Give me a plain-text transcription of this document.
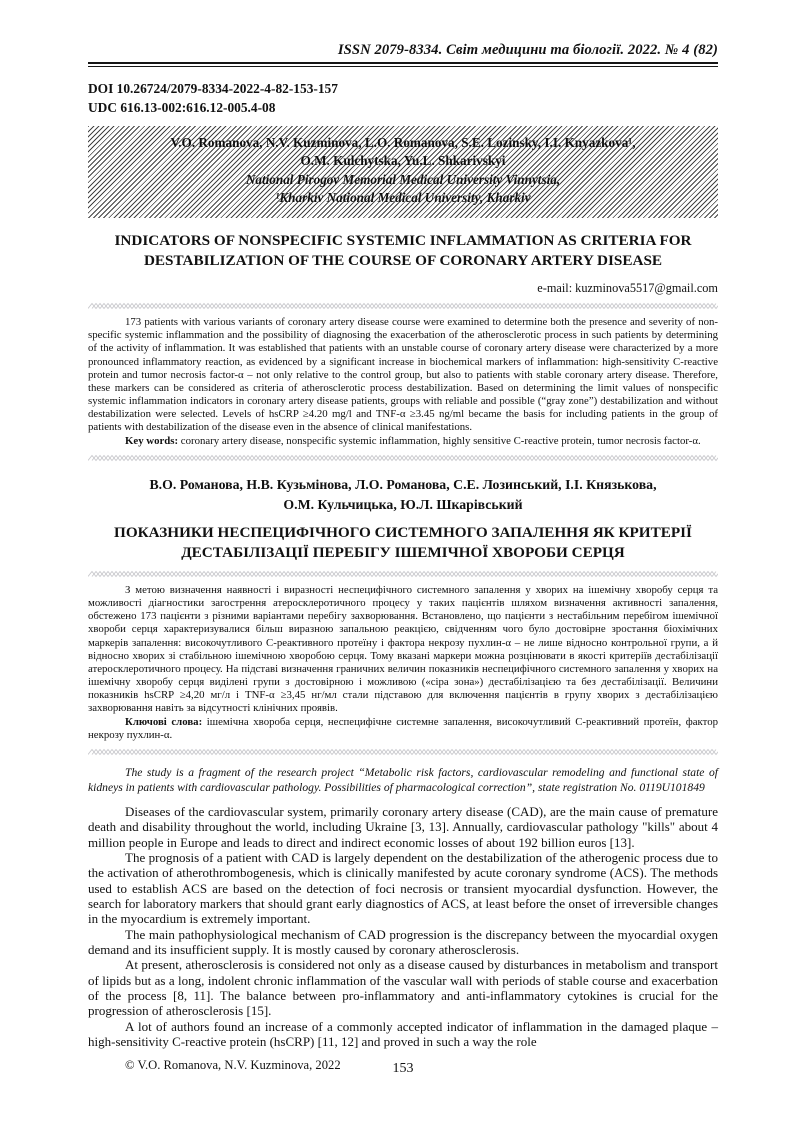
ISSN 2079-8334. Світ медицини та біології. 2022. № 4 (82)
DOI 10.26724/2079-8334-2022-4-82-153-157
UDC 616.13-002:616.12-005.4-08
V.O. Romanova, N.V. Kuzminova, L.O. Romanova, S.E. Lozinsky, I.I. Knyazkova¹,
O.M. Kulchytska, Yu.L. Shkarivskyi
National Pirogov Memorial Medical University Vinnytsia,
¹Kharkiv National Medical University, Kharkiv
INDICATORS OF NONSPECIFIC SYSTEMIC INFLAMMATION AS CRITERIA FOR
DESTABILIZATION OF THE COURSE OF CORONARY ARTERY DISEASE
e-mail: kuzminova5517@gmail.com

173 patients with various variants of coronary artery disease course were examined to determine both the presence and severity of non-specific systemic inflammation and the possibility of diagnosing the exacerbation of the atherosclerotic process in such patients by determining of the activity of inflammation. It was established that patients with an unstable course of coronary artery disease were characterized by a more pronounced inflammatory reaction, as evidenced by a significant increase in biochemical markers of inflammation: high-sensitivity C-reactive protein and tumor necrosis factor-α – not only relative to the control group, but also to patients with stable coronary artery disease. Therefore, these markers can be considered as criteria of atherosclerotic process destabilization. Based on determining the limit values of nonspecific systemic inflammation indicators in coronary artery disease patients, groups with reliable and possible (“gray zone”) destabilization and without destabilization were selected. Levels of hsCRP ≥4.20 mg/l and TNF-α ≥3.45 ng/ml became the basis for including patients in the group of patients with destabilization of the disease even in the absence of clinical manifestations.

Key words: coronary artery disease, nonspecific systemic inflammation, highly sensitive C-reactive protein, tumor necrosis factor-α.

В.О. Романова, Н.В. Кузьмінова, Л.О. Романова, С.Е. Лозинський, І.І. Князькова,
О.М. Кульчицька, Ю.Л. Шкарівський
ПОКАЗНИКИ НЕСПЕЦИФІЧНОГО СИСТЕМНОГО ЗАПАЛЕННЯ ЯК КРИТЕРІЇ
ДЕСТАБІЛІЗАЦІЇ ПЕРЕБІГУ ІШЕМІЧНОЇ ХВОРОБИ СЕРЦЯ

З метою визначення наявності і виразності неспецифічного системного запалення у хворих на ішемічну хворобу серця та можливості діагностики загострення атеросклеротичного процесу у таких пацієнтів шляхом визначення активності запалення, обстежено 173 пацієнти з різними варіантами перебігу захворювання. Встановлено, що пацієнти з нестабільним перебігом ішемічної хвороби серця характеризувалися більш виразною запальною реакцією, свідченням чого було достовірне зростання біохімічних маркерів запалення: високочутливого С-реактивного протеїну і фактора некрозу пухлин-α – не лише відносно контрольної групи, а й відносно хворих зі стабільною ішемічною хворобою серця. Тому вказані маркери можна розцінювати в якості критеріїв дестабілізації атеросклеротичного процесу. На підставі визначення граничних величин показників неспецифічного системного запалення у хворих на ішемічну хворобу серця виділені групи з достовірною і можливою («сіра зона») дестабілізацією та без дестабілізації. Величини показників hsCRP ≥4,20 мг/л і TNF-α ≥3,45 нг/мл стали підставою для включення пацієнтів в групу хворих з дестабілізацією захворювання навіть за відсутності клінічних проявів.

Ключові слова: ішемічна хвороба серця, неспецифічне системне запалення, високочутливий С-реактивний протеїн, фактор некрозу пухлин-α.

The study is a fragment of the research project “Metabolic risk factors, cardiovascular remodeling and functional state of kidneys in patients with cardiovascular pathology. Possibilities of pharmacological correction”, state registration No. 0119U101849

Diseases of the cardiovascular system, primarily coronary artery disease (CAD), are the main cause of premature death and disability throughout the world, including Ukraine [3, 13]. Annually, cardiovascular pathology "kills" about 4 million people in Europe and leads to direct and indirect economic losses of about 192 billion euros [13].

The prognosis of a patient with CAD is largely dependent on the destabilization of the atherogenic process due to the activation of atherothrombogenesis, which is clinically manifested by acute coronary syndrome (ACS). The methods used to establish ACS are based on the detection of foci necrosis or transient myocardial dysfunction. However, the search for laboratory markers that should grant early diagnostics of ACS, at least before the onset of irreversible changes in the myocardium is extremely important.

The main pathophysiological mechanism of CAD progression is the discrepancy between the myocardial oxygen demand and its insufficient supply. It is mostly caused by coronary atherosclerosis.

At present, atherosclerosis is considered not only as a disease caused by disturbances in metabolism and transport of lipids but as a long, indolent chronic inflammation of the vascular wall with periods of stable course and exacerbation of the process [8, 11]. The balance between pro-inflammatory and anti-inflammatory cytokines is crucial for the progression of atherosclerosis [15].

A lot of authors found an increase of a commonly accepted indicator of inflammation in the damaged plaque – high-sensitivity C-reactive protein (hsCRP) [11, 12] and proved in such a way the role

© V.O. Romanova, N.V. Kuzminova, 2022	153
